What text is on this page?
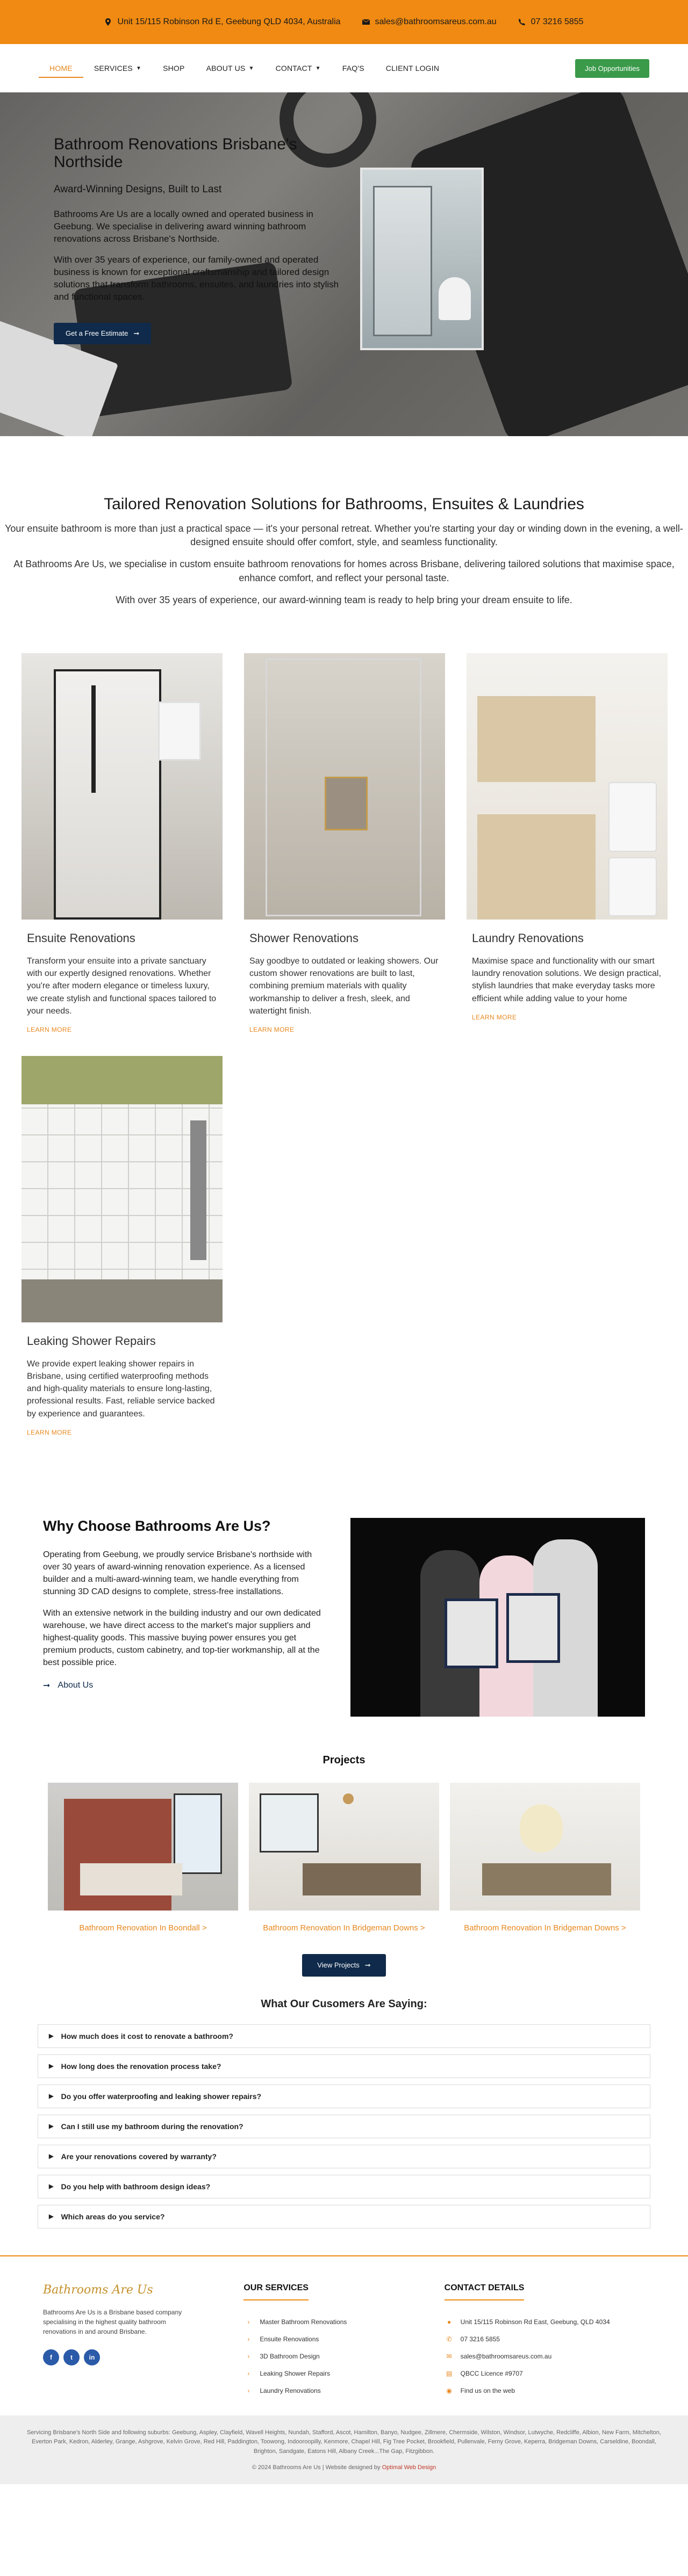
Unit 15/115 Robinson Rd E, Geebung QLD 4034, Australia	sales@bathroomsareus.com.au	07 3216 5855
HOME	SERVICES ▼	SHOP	ABOUT US ▼	CONTACT ▼	FAQ'S	CLIENT LOGIN	Job Opportunities
Bathroom Renovations Brisbane's Northside
Award-Winning Designs, Built to Last

Bathrooms Are Us are a locally owned and operated business in Geebung. We specialise in delivering award winning bathroom renovations across Brisbane's Northside.

With over 35 years of experience, our family-owned and operated business is known for exceptional craftsmanship and tailored design solutions that transform bathrooms, ensuites, and laundries into stylish and functional spaces.

Get a Free Estimate ➞
Tailored Renovation Solutions for Bathrooms, Ensuites & Laundries

Your ensuite bathroom is more than just a practical space — it's your personal retreat. Whether you're starting your day or winding down in the evening, a well-designed ensuite should offer comfort, style, and seamless functionality.

At Bathrooms Are Us, we specialise in custom ensuite bathroom renovations for homes across Brisbane, delivering tailored solutions that maximise space, enhance comfort, and reflect your personal taste.

With over 35 years of experience, our award-winning team is ready to help bring your dream ensuite to life.

Ensuite Renovations

Transform your ensuite into a private sanctuary with our expertly designed renovations. Whether you're after modern elegance or timeless luxury, we create stylish and functional spaces tailored to your needs.

LEARN MORE
Shower Renovations

Say goodbye to outdated or leaking showers. Our custom shower renovations are built to last, combining premium materials with quality workmanship to deliver a fresh, sleek, and watertight finish.

LEARN MORE
Laundry Renovations

Maximise space and functionality with our smart laundry renovation solutions. We design practical, stylish laundries that make everyday tasks more efficient while adding value to your home

LEARN MORE
Leaking Shower Repairs

We provide expert leaking shower repairs in Brisbane, using certified waterproofing methods and high-quality materials to ensure long-lasting, professional results. Fast, reliable service backed by experience and guarantees.

LEARN MORE
Why Choose Bathrooms Are Us?

Operating from Geebung, we proudly service Brisbane's northside with over 30 years of award-winning renovation experience. As a licensed builder and a multi-award-winning team, we handle everything from stunning 3D CAD designs to complete, stress-free installations.

With an extensive network in the building industry and our own dedicated warehouse, we have direct access to the market's major suppliers and highest-quality goods. This massive buying power ensures you get premium products, custom cabinetry, and top-tier workmanship, all at the best possible price.

➞ About Us
Projects
Bathroom Renovation In Boondall >	Bathroom Renovation In Bridgeman Downs >	Bathroom Renovation In Bridgeman Downs >
View Projects ➞
What Our Cusomers Are Saying:
▶ How much does it cost to renovate a bathroom?
▶ How long does the renovation process take?
▶ Do you offer waterproofing and leaking shower repairs?
▶ Can I still use my bathroom during the renovation?
▶ Are your renovations covered by warranty?
▶ Do you help with bathroom design ideas?
▶ Which areas do you service?
Bathrooms Are Us

Bathrooms Are Us is a Brisbane based company specialising in the highest quality bathroom renovations in and around Brisbane.

f	t	in
OUR SERVICES
›	Master Bathroom Renovations
›	Ensuite Renovations
›	3D Bathroom Design
›	Leaking Shower Repairs
›	Laundry Renovations
CONTACT DETAILS
●	Unit 15/115 Robinson Rd East, Geebung, QLD 4034
✆	07 3216 5855
✉	sales@bathroomsareus.com.au
▤ QBCC Licence #9707
◉	Find us on the web
Servicing Brisbane's North Side and following suburbs: Geebung, Aspley, Clayfield, Wavell Heights, Nundah, Stafford, Ascot, Hamilton, Banyo, Nudgee, Zillmere, Chermside, Wilston, Windsor, Lutwyche, Redcliffe, Albion, New Farm, Mitchelton, Everton Park, Kedron, Alderley, Grange, Ashgrove, Kelvin Grove, Red Hill, Paddington, Toowong, Indooroopilly, Kenmore, Chapel Hill, Fig Tree Pocket, Brookfield, Pullenvale, Ferny Grove, Keperra, Bridgeman Downs, Carseldine, Boondall, Brighton, Sandgate, Eatons Hill, Albany Creek...The Gap, Fitzgibbon.
© 2024 Bathrooms Are Us | Website designed by Optimal Web Design
